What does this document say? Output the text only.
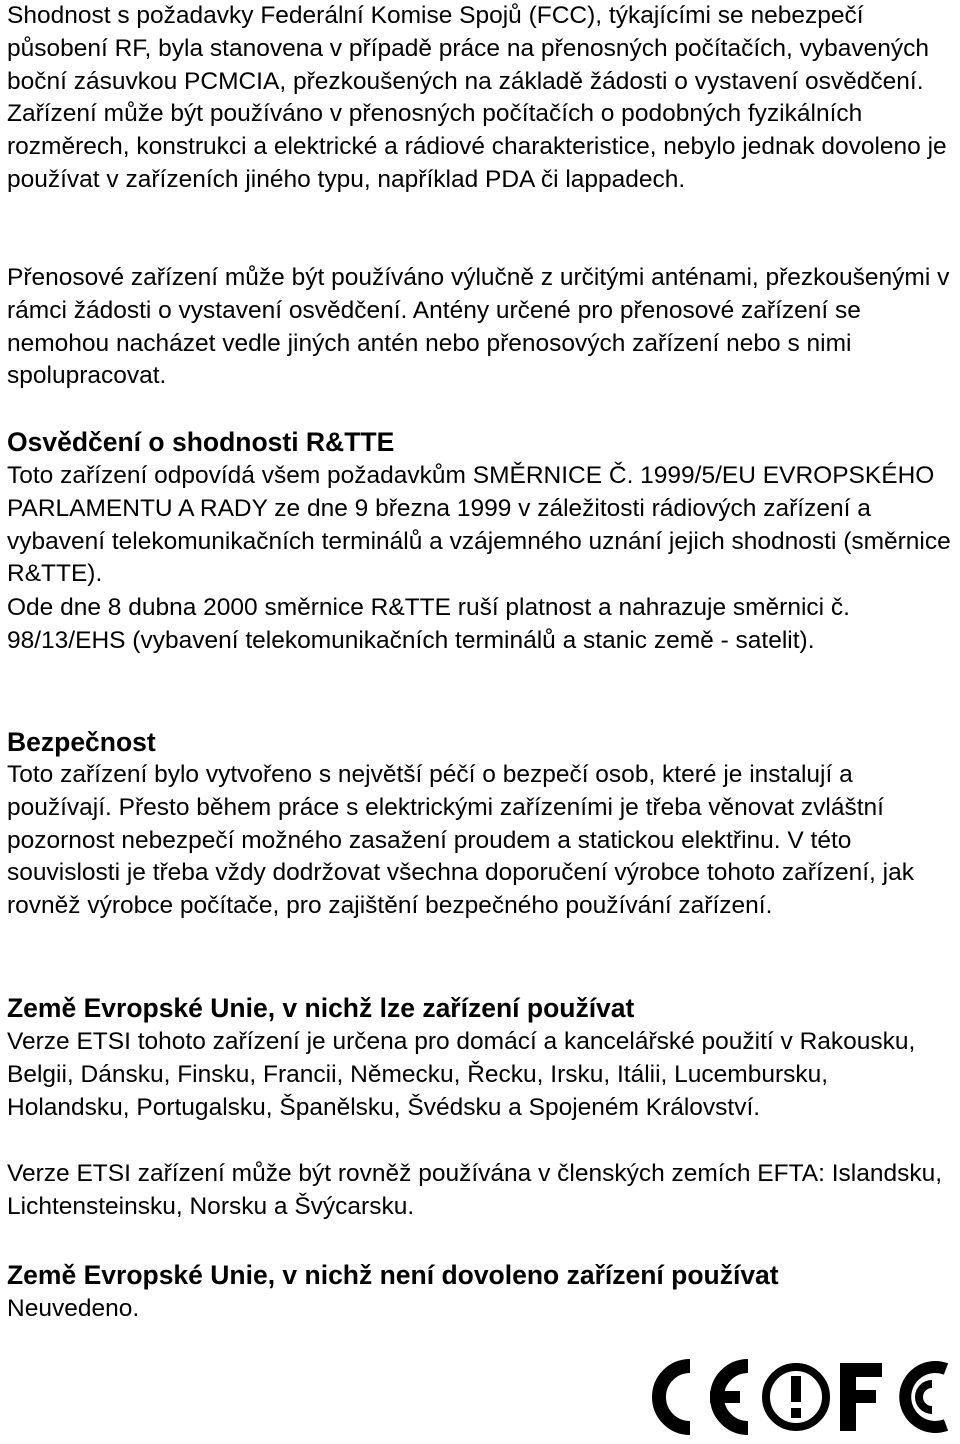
Shodnost s požadavky Federální Komise Spojů (FCC), týkajícími se nebezpečí působení RF, byla stanovena v případě práce na přenosných počítačích, vybavených boční zásuvkou PCMCIA, přezkoušených na základě žádosti o vystavení osvědčení. Zařízení může být používáno v přenosných počítačích o podobných fyzikálních rozměrech, konstrukci a elektrické a rádiové charakteristice, nebylo jednak dovoleno je používat v zařízeních jiného typu, například PDA či lappadech.

Přenosové zařízení může být používáno výlučně z určitými anténami, přezkoušenými v rámci žádosti o vystavení osvědčení. Antény určené pro přenosové zařízení se nemohou nacházet vedle jiných antén nebo přenosových zařízení nebo s nimi spolupracovat.

Osvědčení o shodnosti R&TTE

Toto zařízení odpovídá všem požadavkům SMĚRNICE Č. 1999/5/EU EVROPSKÉHO PARLAMENTU A RADY ze dne 9 března 1999 v záležitosti rádiových zařízení a vybavení telekomunikačních terminálů a vzájemného uznání jejich shodnosti (směrnice R&TTE).

Ode dne 8 dubna 2000 směrnice R&TTE ruší platnost a nahrazuje směrnici č. 98/13/EHS (vybavení telekomunikačních terminálů a stanic země - satelit).

Bezpečnost

Toto zařízení bylo vytvořeno s největší péčí o bezpečí osob, které je instalují a používají. Přesto během práce s elektrickými zařízeními je třeba věnovat zvláštní pozornost nebezpečí možného zasažení proudem a statickou elektřinu. V této souvislosti je třeba vždy dodržovat všechna doporučení výrobce tohoto zařízení, jak rovněž výrobce počítače, pro zajištění bezpečného používání zařízení.

Země Evropské Unie, v nichž lze zařízení používat

Verze ETSI tohoto zařízení je určena pro domácí a kancelářské použití v Rakousku, Belgii, Dánsku, Finsku, Francii, Německu, Řecku, Irsku, Itálii, Lucembursku, Holandsku, Portugalsku, Španělsku, Švédsku a Spojeném Království.

Verze ETSI zařízení může být rovněž používána v členských zemích EFTA: Islandsku, Lichtensteinsku, Norsku a Švýcarsku.

Země Evropské Unie, v nichž není dovoleno zařízení používat

Neuvedeno.
